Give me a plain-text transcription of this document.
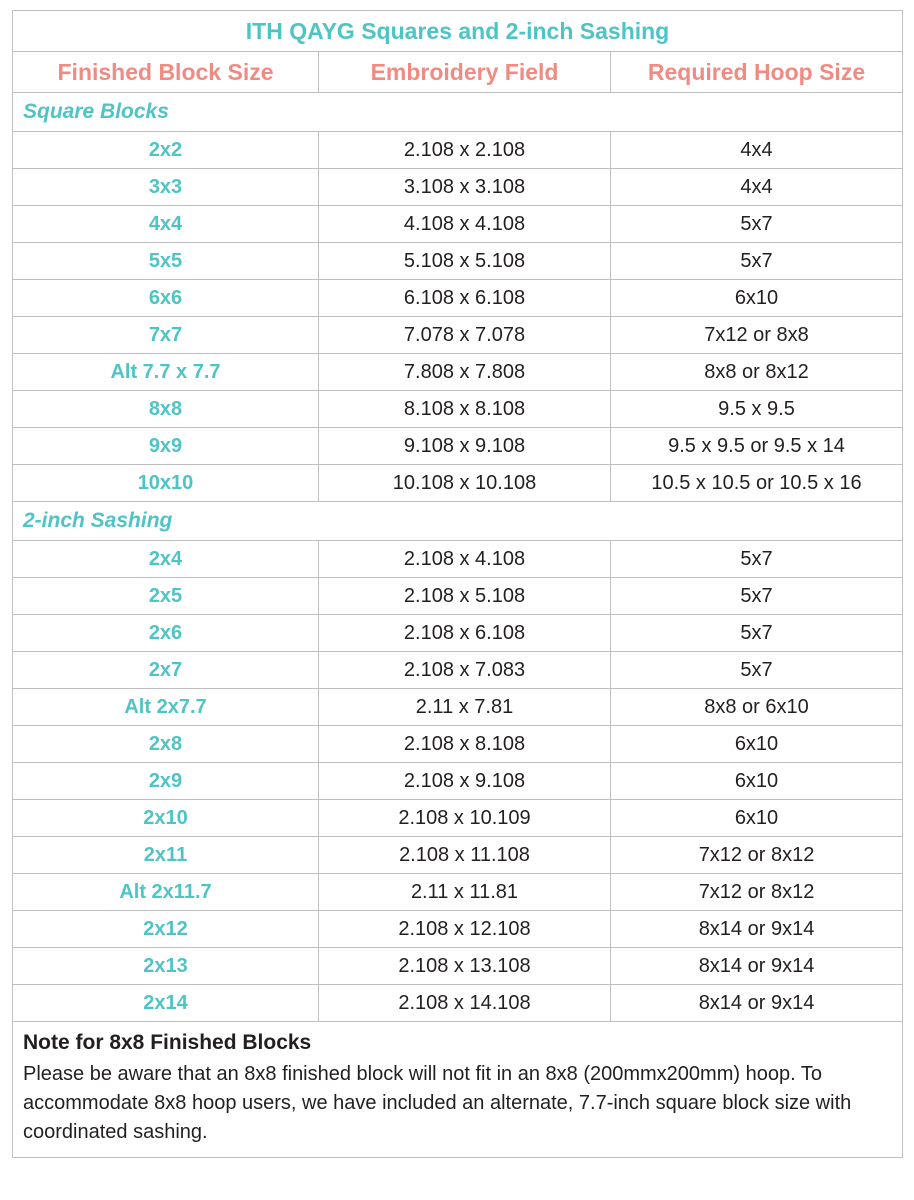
ITH QAYG Squares and 2-inch Sashing		
Finished Block Size	Embroidery Field	Required Hoop Size
Square Blocks		
2x2	2.108 x 2.108	4x4
3x3	3.108 x 3.108	4x4
4x4	4.108 x 4.108	5x7
5x5	5.108 x 5.108	5x7
6x6	6.108 x 6.108	6x10
7x7	7.078 x 7.078	7x12 or 8x8
Alt 7.7 x 7.7	7.808 x 7.808	8x8 or 8x12
8x8	8.108 x 8.108	9.5 x 9.5
9x9	9.108 x 9.108	9.5 x 9.5 or 9.5 x 14
10x10	10.108 x 10.108	10.5 x 10.5 or 10.5 x 16
2-inch Sashing		
2x4	2.108 x 4.108	5x7
2x5	2.108 x 5.108	5x7
2x6	2.108 x 6.108	5x7
2x7	2.108 x 7.083	5x7
Alt 2x7.7	2.11 x 7.81	8x8 or 6x10
2x8	2.108 x 8.108	6x10
2x9	2.108 x 9.108	6x10
2x10	2.108 x 10.109	6x10
2x11	2.108 x 11.108	7x12 or 8x12
Alt 2x11.7	2.11 x 11.81	7x12 or 8x12
2x12	2.108 x 12.108	8x14 or 9x14
2x13	2.108 x 13.108	8x14 or 9x14
2x14	2.108 x 14.108	8x14 or 9x14

Note for 8x8 Finished Blocks

Please be aware that an 8x8 finished block will not fit in an 8x8 (200mmx200mm) hoop. To accommodate 8x8 hoop users, we have included an alternate, 7.7-inch square block size with coordinated sashing.		
